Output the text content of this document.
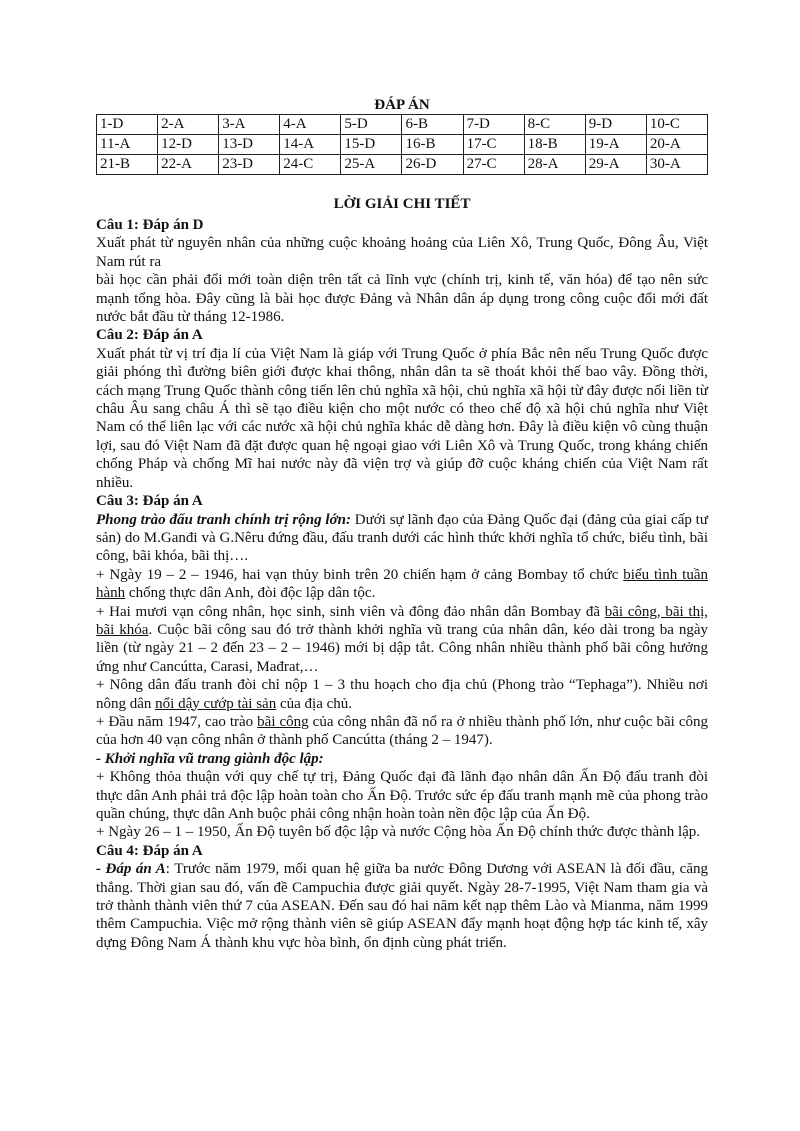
ĐÁP ÁN

1-D	2-A	3-A	4-A	5-D	6-B	7-D	8-C	9-D	10-C
11-A	12-D	13-D	14-A	15-D	16-B	17-C	18-B	19-A	20-A
21-B	22-A	23-D	24-C	25-A	26-D	27-C	28-A	29-A	30-A

LỜI GIẢI CHI TIẾT

Câu 1: Đáp án D

Xuất phát từ nguyên nhân của những cuộc khoảng hoảng của Liên Xô, Trung Quốc, Đông Âu, Việt Nam rút ra

bài học cần phải đổi mới toàn diện trên tất cả lĩnh vực (chính trị, kinh tế, văn hóa) để tạo nên sức mạnh tổng hòa. Đây cũng là bài học được Đảng và Nhân dân áp dụng trong công cuộc đổi mới đất nước bắt đầu từ tháng 12-1986.

Câu 2: Đáp án A

Xuất phát từ vị trí địa lí của Việt Nam là giáp với Trung Quốc ở phía Bắc nên nếu Trung Quốc được giải phóng thì đường biên giới được khai thông, nhân dân ta sẽ thoát khỏi thế bao vây. Đồng thời, cách mạng Trung Quốc thành công tiến lên chủ nghĩa xã hội, chủ nghĩa xã hội từ đây được nối liền từ châu Âu sang châu Á thì sẽ tạo điều kiện cho một nước có theo chế độ xã hội chủ nghĩa như Việt Nam có thể liên lạc với các nước xã hội chủ nghĩa khác dễ dàng hơn. Đây là điều kiện vô cùng thuận lợi, sau đó Việt Nam đã đặt được quan hệ ngoại giao với Liên Xô và Trung Quốc, trong kháng chiến chống Pháp và chống Mĩ hai nước này đã viện trợ và giúp đỡ cuộc kháng chiến của Việt Nam rất nhiều.

Câu 3: Đáp án A

Phong trào đấu tranh chính trị rộng lớn: Dưới sự lãnh đạo của Đảng Quốc đại (đảng của giai cấp tư sản) do M.Gan​đi và G.Nêru đứng đầu, đấu tranh dưới các hình thức khởi nghĩa tổ chức, biểu tình, bãi công, bãi khóa, bãi thị….

+ Ngày 19 – 2 – 1946, hai vạn thủy binh trên 20 chiến hạm ở cảng Bombay tổ chức biểu tình tuần hành chống thực dân Anh, đòi độc lập dân tộc.

+ Hai mươi vạn công nhân, học sinh, sinh viên và đông đảo nhân dân Bombay đã bãi công, bãi thị, bãi khóa. Cuộc bãi công sau đó trở thành khởi nghĩa vũ trang của nhân dân, kéo dài trong ba ngày liền (từ ngày 21 – 2 đến 23 – 2 – 1946) mới bị dập tắt. Công nhân nhiều thành phố bãi công hưởng ứng như Cancútta, Carasi, Mađrat,…

+ Nông dân đấu tranh đòi chỉ nộp 1 – 3 thu hoạch cho địa chủ (Phong trào “Tephaga”). Nhiều nơi nông dân nổi dậy cướp tài sản của địa chủ.

+ Đầu năm 1947, cao trào bãi công của công nhân đã nổ ra ở nhiều thành phố lớn, như cuộc bãi công của hơn 40 vạn công nhân ở thành phố Cancútta (tháng 2 – 1947).

- Khởi nghĩa vũ trang giành độc lập:

+ Không thỏa thuận với quy chế tự trị, Đảng Quốc đại đã lãnh đạo nhân dân Ấn Độ đấu tranh đòi thực dân Anh phải trả độc lập hoàn toàn cho Ấn Độ. Trước sức ép đấu tranh mạnh mẽ của phong trào quần chúng, thực dân Anh buộc phải công nhận hoàn toàn nền độc lập của Ấn Độ.

+ Ngày 26 – 1 – 1950, Ấn Độ tuyên bố độc lập và nước Cộng hòa Ấn Độ chính thức được thành lập.

Câu 4: Đáp án A

- Đáp án A: Trước năm 1979, mối quan hệ giữa ba nước Đông Dương với ASEAN là đối đầu, căng thẳng. Thời gian sau đó, vấn đề Campuchia được giải quyết. Ngày 28-7-1995, Việt Nam tham gia và trở thành thành viên thứ 7 của ASEAN. Đến sau đó hai năm kết nạp thêm Lào và Mianma, năm 1999 thêm Campuchia. Việc mở rộng thành viên sẽ giúp ASEAN đẩy mạnh hoạt động hợp tác kinh tế, xây dựng Đông Nam Á thành khu vực hòa bình, ổn định cùng phát triển.
